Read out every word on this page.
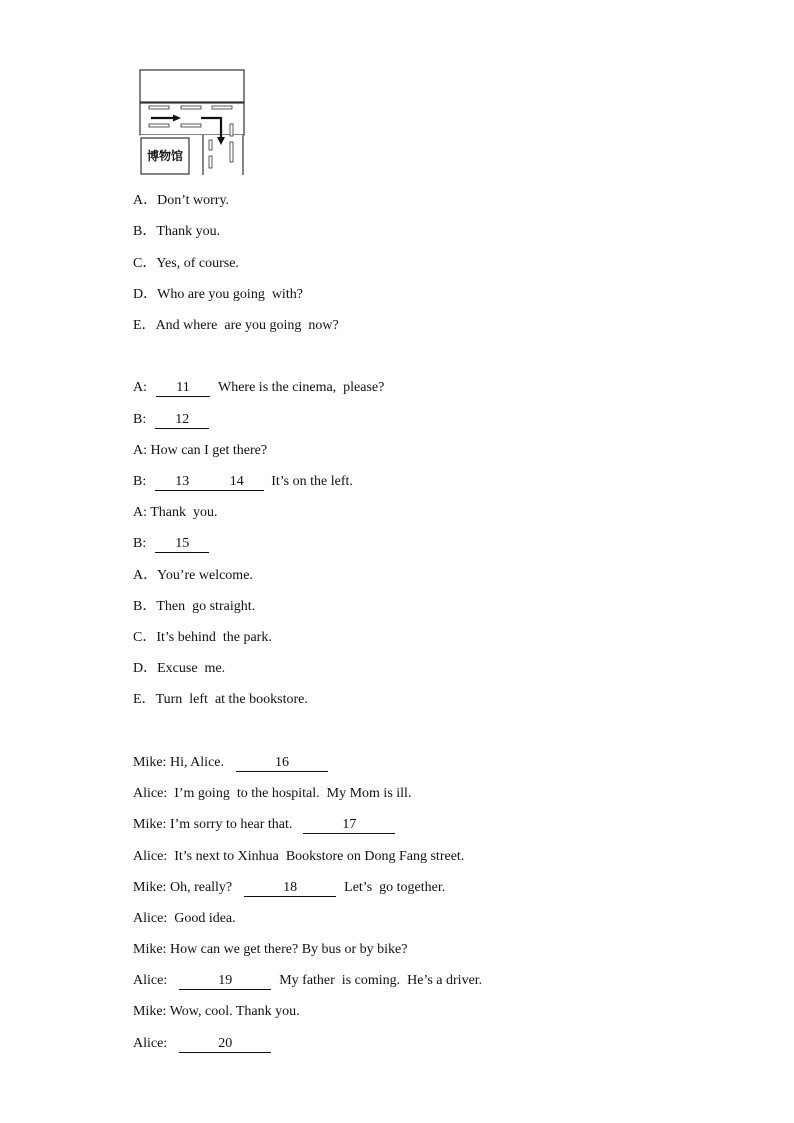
博物馆
A．Don’t worry.
B．Thank you.
C．Yes, of course.
D．Who are you going  with?
E．And where  are you going  now?
A: 11 Where is the cinema,  please?
B: 12
A: How can I get there?
B: 13	14 It’s on the left.
A: Thank  you.
B: 15
A．You’re welcome.
B．Then  go straight.
C．It’s behind  the park.
D．Excuse  me.
E．Turn  left  at the bookstore.
Mike: Hi, Alice.	16
Alice: I’m going  to the hospital.  My Mom is ill.
Mike: I’m sorry to hear that.	17
Alice: It’s next to Xinhua  Bookstore on Dong Fang street.
Mike: Oh, really?	18	Let’s  go together.
Alice: Good idea.
Mike: How can we get there? By bus or by bike?
Alice:	19	My father  is coming.  He’s a driver.
Mike: Wow, cool. Thank you.
Alice:	20
